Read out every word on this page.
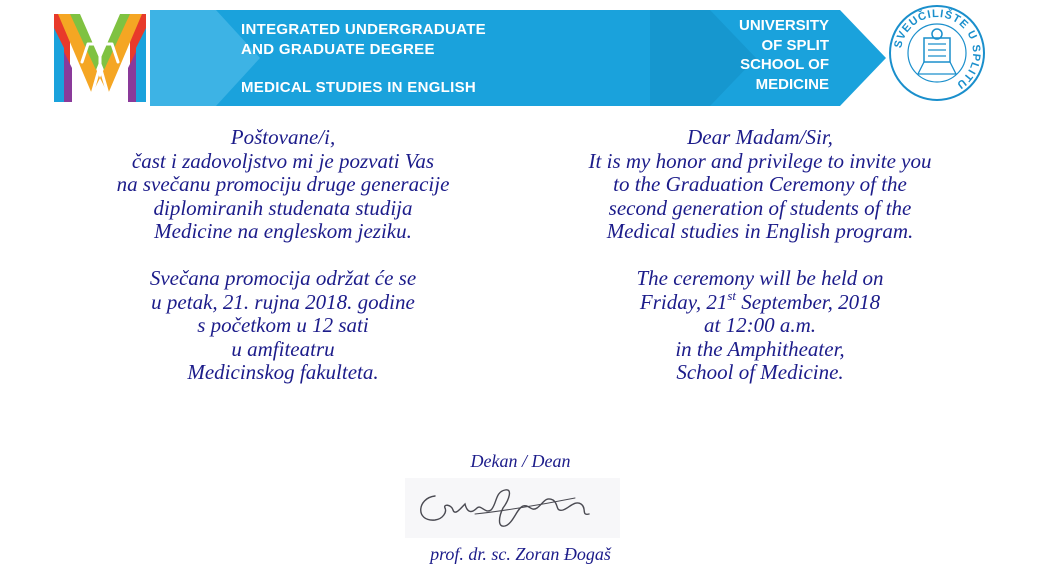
INTEGRATED UNDERGRADUATE
AND GRADUATE DEGREE
MEDICAL STUDIES IN ENGLISH
UNIVERSITY
OF SPLIT
SCHOOL OF
MEDICINE
SVEUČILIŠTE U SPLITU
Poštovane/i,
čast i zadovoljstvo mi je pozvati Vas
na svečanu promociju druge generacije
diplomiranih studenata studija
Medicine na engleskom jeziku.
Svečana promocija održat će se
u petak, 21. rujna 2018. godine
s početkom u 12 sati
u amfiteatru
Medicinskog fakulteta.
Dear Madam/Sir,
It is my honor and privilege to invite you
to the Graduation Ceremony of the
second generation of students of the
Medical studies in English program.
The ceremony will be held on
Friday, 21st September, 2018
at 12:00 a.m.
in the Amphitheater,
School of Medicine.
Dekan / Dean
prof. dr. sc. Zoran Đogaš
